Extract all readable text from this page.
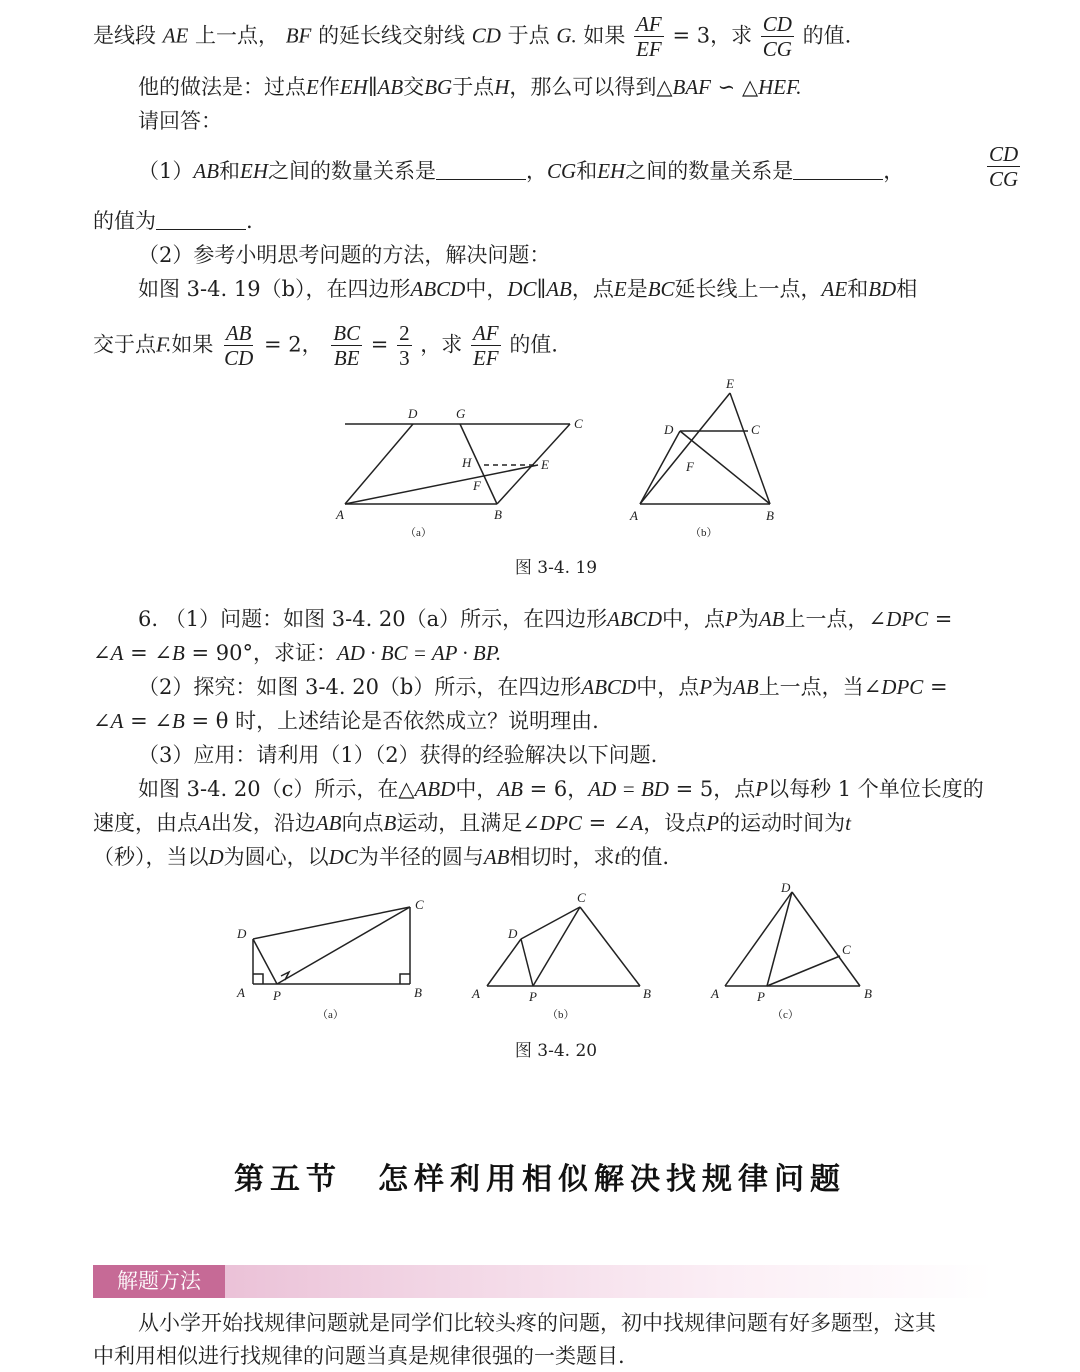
是线段 AE 上一点， BF 的延长线交射线 CD 于点 G. 如果 $\frac{AF}{EF} = 3$，求 $\frac{CD}{CG}$ 的值.
他的做法是：过点E作EH∥AB交BG于点H，那么可以得到△BAF ∽ △HEF.
请回答：
（1）AB和EH之间的数量关系是	，CG和EH之间的数量关系是	，	$\frac{CD}{CG}$
的值为	.
（2）参考小明思考问题的方法，解决问题：
如图 3-4. 19（b），在四边形ABCD中，DC∥AB，点E是BC延长线上一点，AE和BD相
交于点F.如果 $\frac{AB}{CD} = 2$， $\frac{BC}{BE} = \frac{2}{3}$ ，求 $\frac{AF}{EF}$ 的值.
D	G
C
H	E
F
A	B
E
D	C
F
A	B
（a）	（b）
图 3-4. 19
6. （1）问题：如图 3-4. 20（a）所示，在四边形ABCD中，点P为AB上一点，∠DPC =
∠A = ∠B = 90°，求证：AD · BC = AP · BP.
（2）探究：如图 3-4. 20（b）所示，在四边形ABCD中，点P为AB上一点，当∠DPC =
∠A = ∠B = θ 时，上述结论是否依然成立？说明理由.
（3）应用：请利用（1）（2）获得的经验解决以下问题.
如图 3-4. 20（c）所示，在△ABD中，AB = 6，AD = BD = 5，点P以每秒 1 个单位长度的
速度，由点A出发，沿边AB向点B运动，且满足∠DPC = ∠A，设点P的运动时间为t
（秒），当以D为圆心，以DC为半径的圆与AB相切时，求t的值.
C
D
A P	B
C
D
A	P	B
D
C
A	P	B
（a）	（b）	（c）
图 3-4. 20
第五节　怎样利用相似解决找规律问题
解题方法
从小学开始找规律问题就是同学们比较头疼的问题，初中找规律问题有好多题型，这其
中利用相似进行找规律的问题当真是规律很强的一类题目.
